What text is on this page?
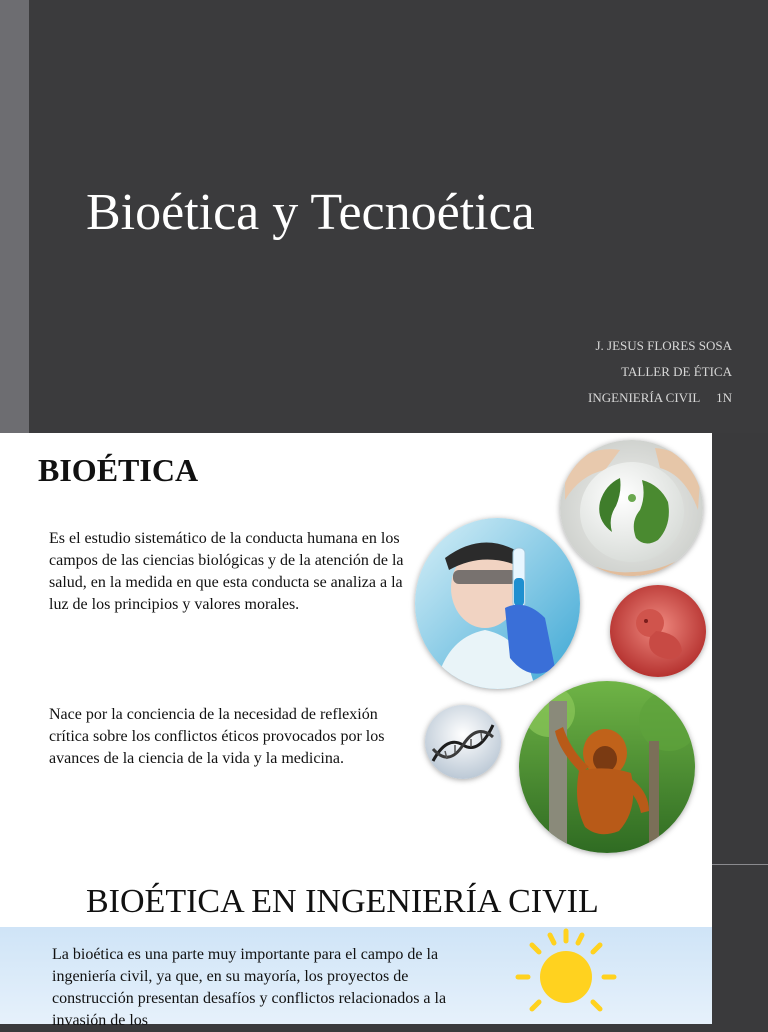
Bioética y Tecnoética
J. JESUS FLORES SOSA
TALLER DE ÉTICA
INGENIERÍA CIVIL     1N
BIOÉTICA
Es el estudio sistemático de la conducta humana en los campos de las ciencias biológicas y de la atención de la salud, en la medida en que esta conducta se analiza a la luz de los principios y valores morales.
Nace por la conciencia de la necesidad de reflexión crítica sobre los conflictos éticos provocados por los avances de la ciencia de la vida y la medicina.
BIOÉTICA EN INGENIERÍA CIVIL
La bioética es una parte muy importante para el campo de la ingeniería civil, ya que, en su mayoría, los proyectos de construcción presentan desafíos y conflictos relacionados a la invasión de los
